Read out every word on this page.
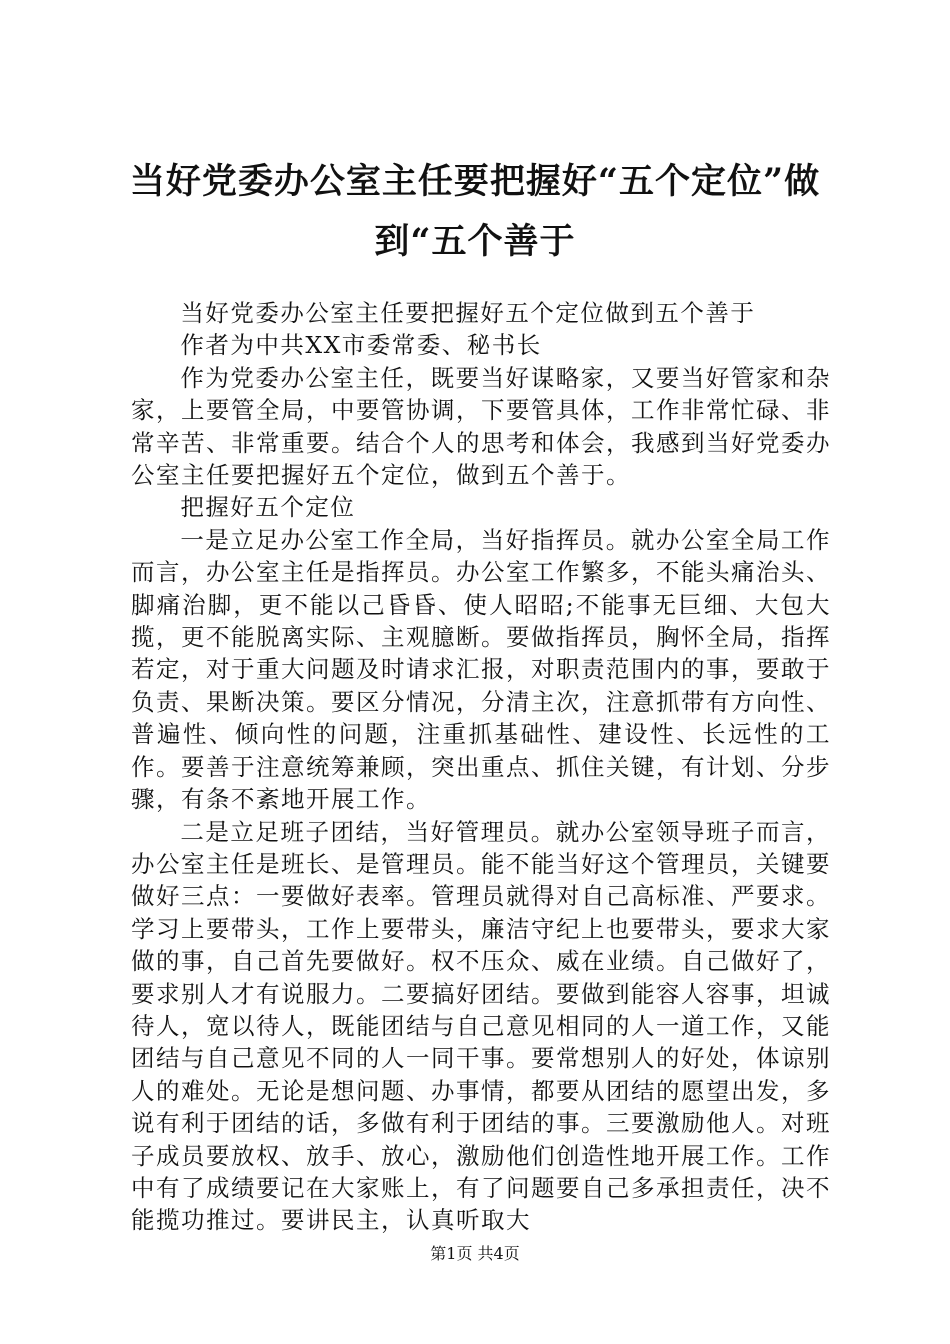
当好党委办公室主任要把握好“五个定位”做
到“五个善于

当好党委办公室主任要把握好五个定位做到五个善于

作者为中共XX市委常委、秘书长

作为党委办公室主任，既要当好谋略家，又要当好管家和杂家，上要管全局，中要管协调，下要管具体，工作非常忙碌、非常辛苦、非常重要。结合个人的思考和体会，我感到当好党委办公室主任要把握好五个定位，做到五个善于。

把握好五个定位

一是立足办公室工作全局，当好指挥员。就办公室全局工作而言，办公室主任是指挥员。办公室工作繁多，不能头痛治头、脚痛治脚，更不能以己昏昏、使人昭昭;不能事无巨细、大包大揽，更不能脱离实际、主观臆断。要做指挥员，胸怀全局，指挥若定，对于重大问题及时请求汇报，对职责范围内的事，要敢于负责、果断决策。要区分情况，分清主次，注意抓带有方向性、普遍性、倾向性的问题，注重抓基础性、建设性、长远性的工作。要善于注意统筹兼顾，突出重点、抓住关键，有计划、分步骤，有条不紊地开展工作。

二是立足班子团结，当好管理员。就办公室领导班子而言，办公室主任是班长、是管理员。能不能当好这个管理员，关键要做好三点：一要做好表率。管理员就得对自己高标准、严要求。学习上要带头，工作上要带头，廉洁守纪上也要带头，要求大家做的事，自己首先要做好。权不压众、威在业绩。自己做好了，要求别人才有说服力。二要搞好团结。要做到能容人容事，坦诚待人，宽以待人，既能团结与自己意见相同的人一道工作，又能团结与自己意见不同的人一同干事。要常想别人的好处，体谅别人的难处。无论是想问题、办事情，都要从团结的愿望出发，多说有利于团结的话，多做有利于团结的事。三要激励他人。对班子成员要放权、放手、放心，激励他们创造性地开展工作。工作中有了成绩要记在大家账上，有了问题要自己多承担责任，决不能揽功推过。要讲民主，认真听取大

第1页 共4页
